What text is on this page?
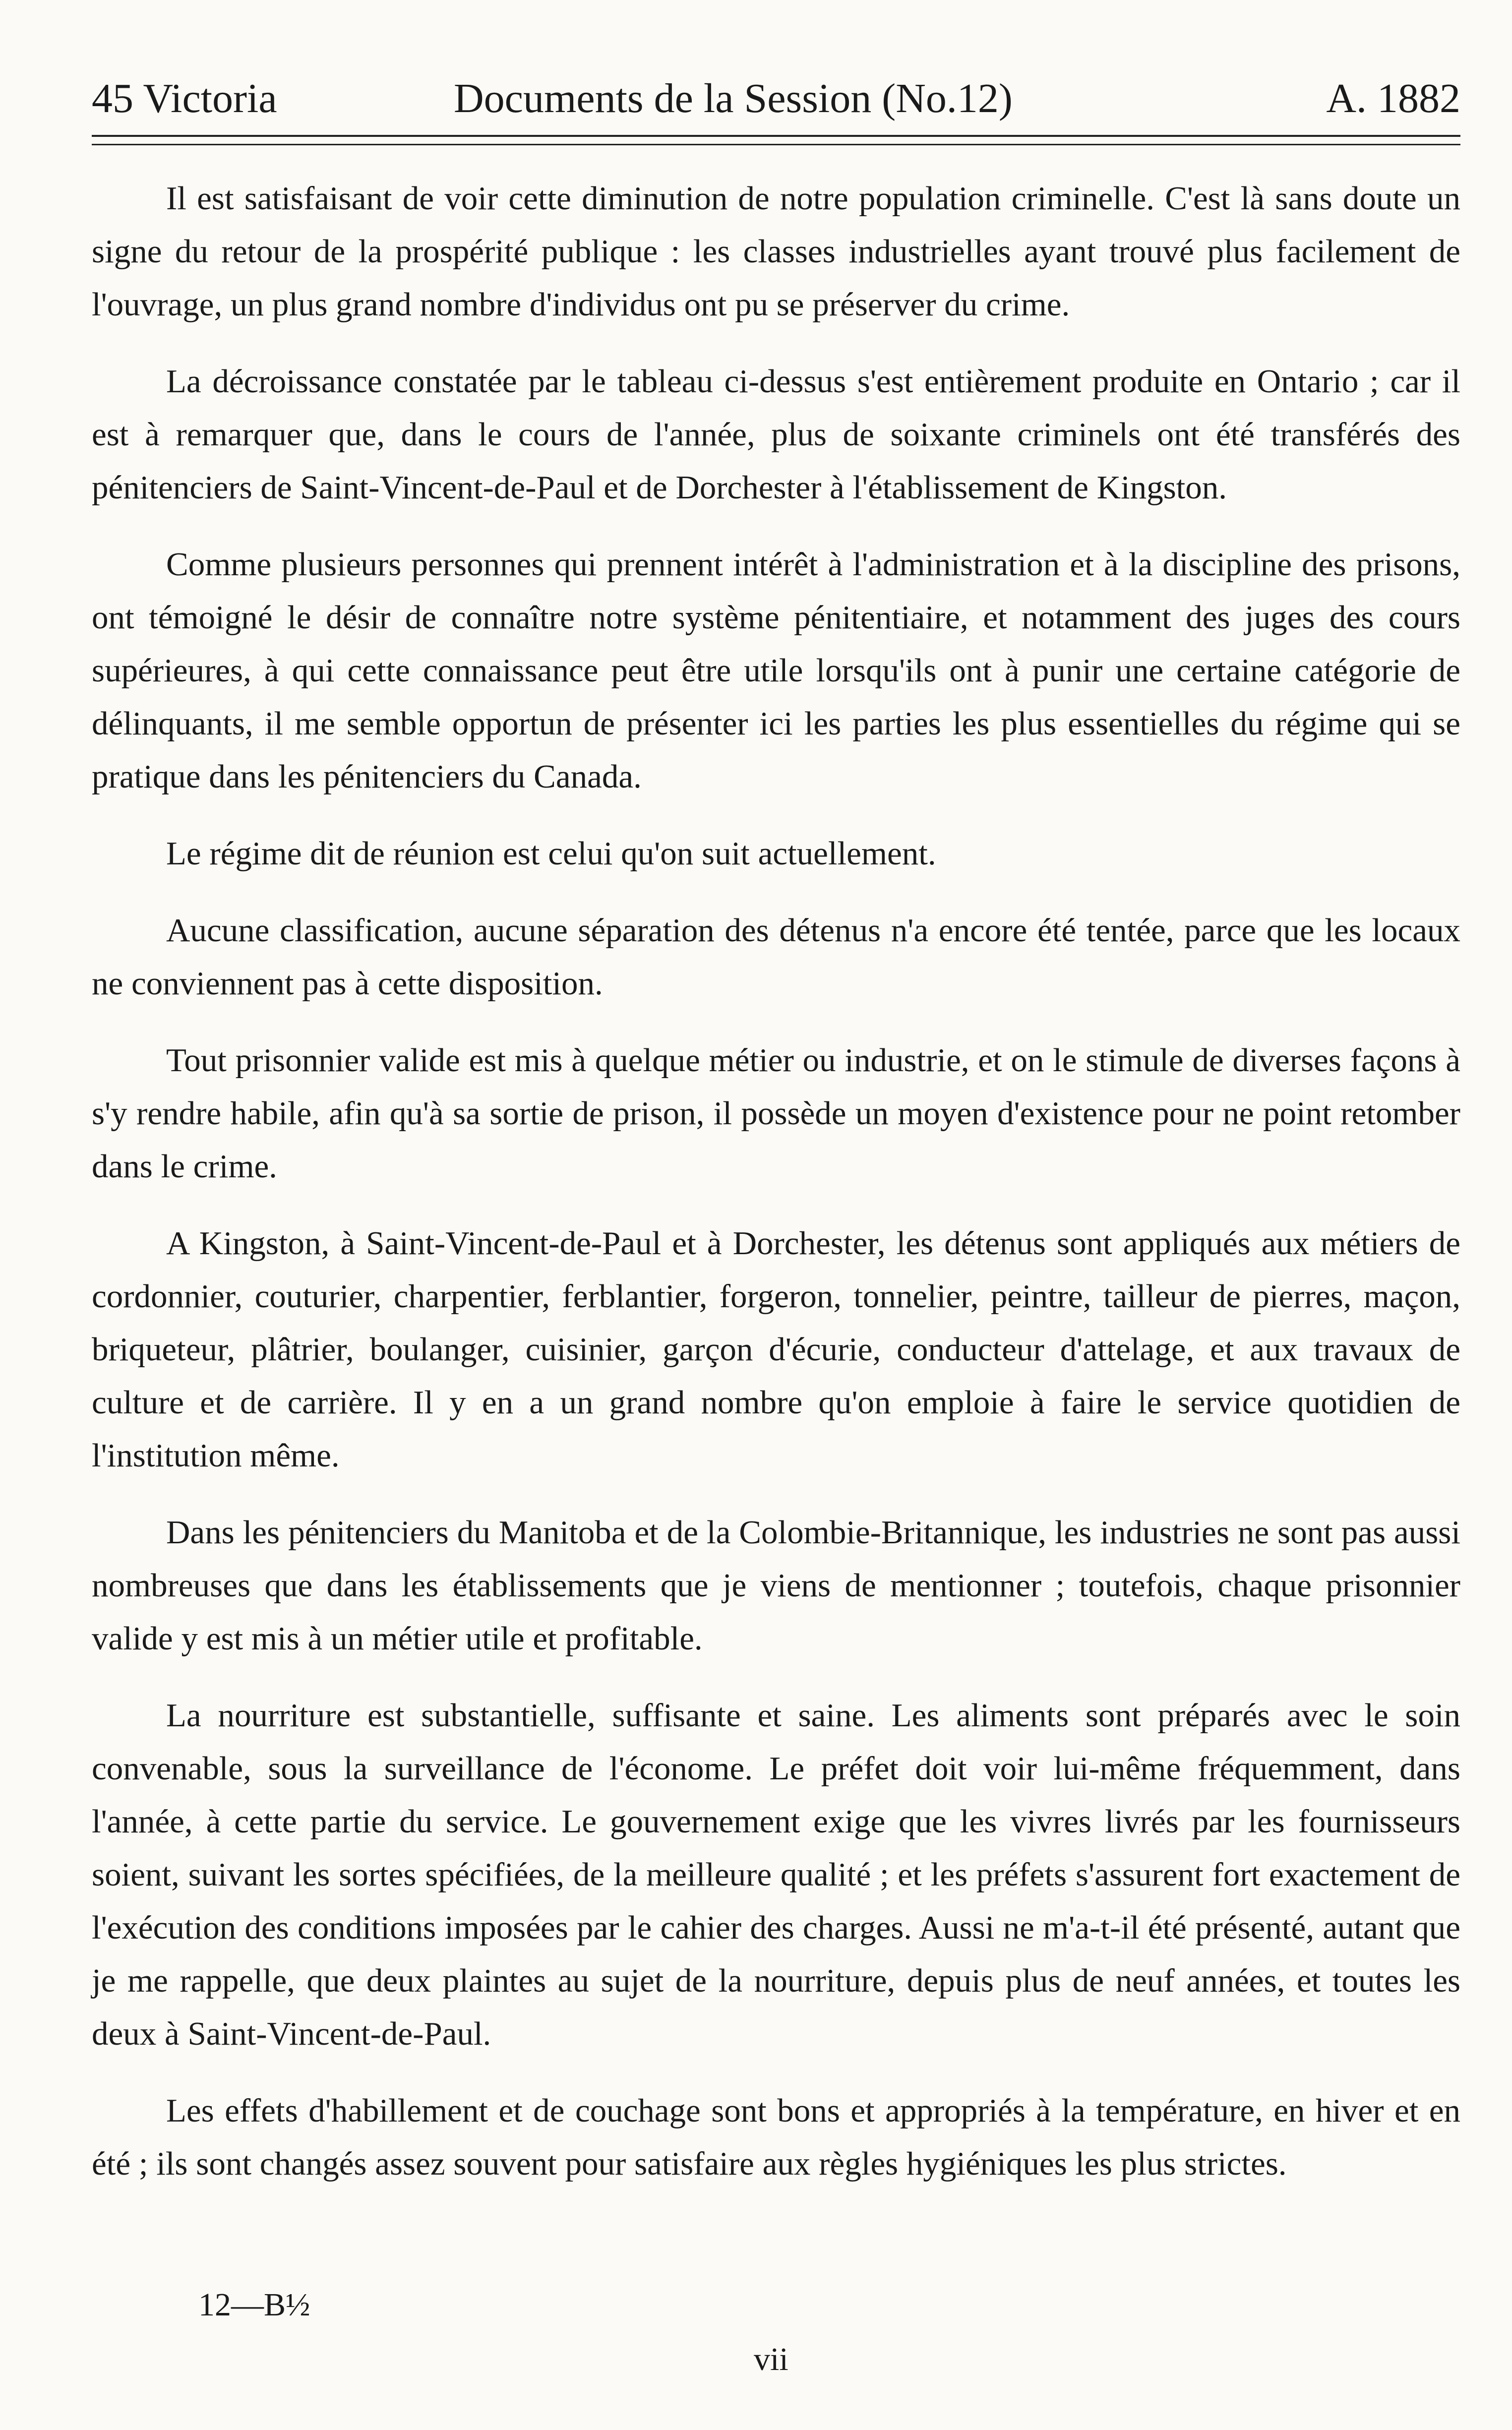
45 Victoria	Documents de la Session (No.12)	A. 1882

Il est satisfaisant de voir cette diminution de notre population criminelle. C'est là sans doute un signe du retour de la prospérité publique : les classes industrielles ayant trouvé plus facilement de l'ouvrage, un plus grand nombre d'individus ont pu se préserver du crime.

La décroissance constatée par le tableau ci-dessus s'est entièrement produite en Ontario ; car il est à remarquer que, dans le cours de l'année, plus de soixante criminels ont été transférés des pénitenciers de Saint-Vincent-de-Paul et de Dorchester à l'établissement de Kingston.

Comme plusieurs personnes qui prennent intérêt à l'administration et à la discipline des prisons, ont témoigné le désir de connaître notre système pénitentiaire, et notamment des juges des cours supérieures, à qui cette connaissance peut être utile lorsqu'ils ont à punir une certaine catégorie de délinquants, il me semble opportun de présenter ici les parties les plus essentielles du régime qui se pratique dans les pénitenciers du Canada.

Le régime dit de réunion est celui qu'on suit actuellement.

Aucune classification, aucune séparation des détenus n'a encore été tentée, parce que les locaux ne conviennent pas à cette disposition.

Tout prisonnier valide est mis à quelque métier ou industrie, et on le stimule de diverses façons à s'y rendre habile, afin qu'à sa sortie de prison, il possède un moyen d'existence pour ne point retomber dans le crime.

A Kingston, à Saint-Vincent-de-Paul et à Dorchester, les détenus sont appliqués aux métiers de cordonnier, couturier, charpentier, ferblantier, forgeron, tonnelier, peintre, tailleur de pierres, maçon, briqueteur, plâtrier, boulanger, cuisinier, garçon d'écurie, conducteur d'attelage, et aux travaux de culture et de carrière. Il y en a un grand nombre qu'on emploie à faire le service quotidien de l'institution même.

Dans les pénitenciers du Manitoba et de la Colombie-Britannique, les industries ne sont pas aussi nombreuses que dans les établissements que je viens de mentionner ; toutefois, chaque prisonnier valide y est mis à un métier utile et profitable.

La nourriture est substantielle, suffisante et saine. Les aliments sont préparés avec le soin convenable, sous la surveillance de l'économe. Le préfet doit voir lui-même fréquemment, dans l'année, à cette partie du service. Le gouvernement exige que les vivres livrés par les fournisseurs soient, suivant les sortes spécifiées, de la meilleure qualité ; et les préfets s'assurent fort exactement de l'exécution des conditions imposées par le cahier des charges. Aussi ne m'a-t-il été présenté, autant que je me rappelle, que deux plaintes au sujet de la nourriture, depuis plus de neuf années, et toutes les deux à Saint-Vincent-de-Paul.

Les effets d'habillement et de couchage sont bons et appropriés à la température, en hiver et en été ; ils sont changés assez souvent pour satisfaire aux règles hygiéniques les plus strictes.

12—B½
vii
